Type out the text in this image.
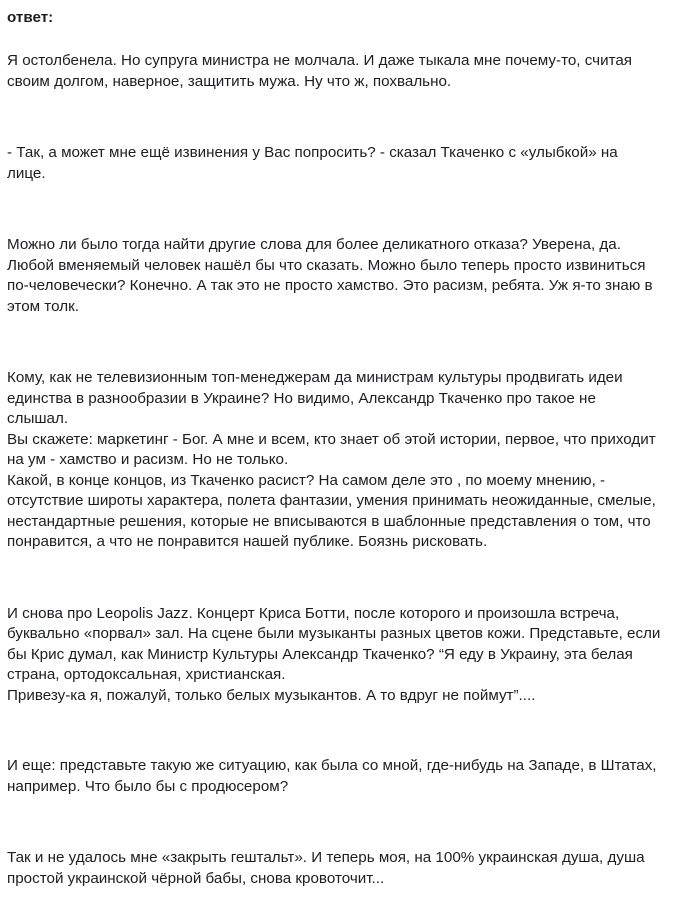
ответ:

Я остолбенела. Но супруга министра не молчала. И даже тыкала мне почему-то, считая
своим долгом, наверное, защитить мужа. Ну что ж, похвально.

- Так, а может мне ещё извинения у Вас попросить? - сказал Ткаченко с «улыбкой» на
лице.

Можно ли было тогда найти другие слова для более деликатного отказа? Уверена, да.
Любой вменяемый человек нашёл бы что сказать. Можно было теперь просто извиниться
по-человечески? Конечно. А так это не просто хамство. Это расизм, ребята. Уж я-то знаю в
этом толк.

Кому, как не телевизионным топ-менеджерам да министрам культуры продвигать идеи
единства в разнообразии в Украине? Но видимо, Александр Ткаченко про такое не
слышал.
Вы скажете: маркетинг - Бог. А мне и всем, кто знает об этой истории, первое, что приходит
на ум - хамство и расизм. Но не только.
Какой, в конце концов, из Ткаченко расист? На самом деле это , по моему мнению, -
отсутствие широты характера, полета фантазии, умения принимать неожиданные, смелые,
нестандартные решения, которые не вписываются в шаблонные представления о том, что
понравится, а что не понравится нашей публике. Боязнь рисковать.

И снова про Leopolis Jazz. Концерт Криса Ботти, после которого и произошла встреча,
буквально «порвал» зал. На сцене были музыканты разных цветов кожи. Представьте, если
бы Крис думал, как Министр Культуры Александр Ткаченко? “Я еду в Украину, эта белая
страна, ортодоксальная, христианская.
Привезу-ка я, пожалуй, только белых музыкантов. А то вдруг не поймут”....

И еще: представьте такую же ситуацию, как была со мной, где-нибудь на Западе, в Штатах,
например. Что было бы с продюсером?

Так и не удалось мне «закрыть гештальт». И теперь моя, на 100% украинская душа, душа
простой украинской чёрной бабы, снова кровоточит...
